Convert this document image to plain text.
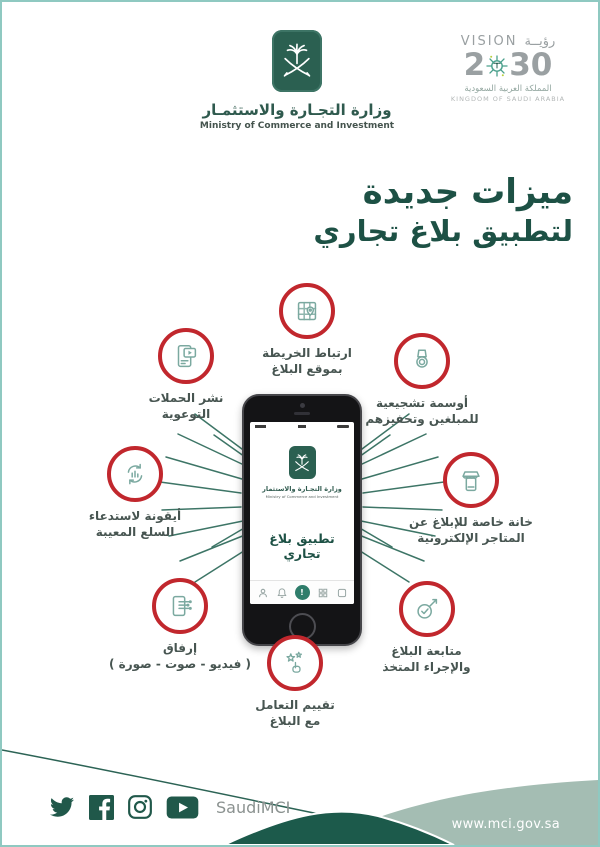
وزارة التجـارة والاستثمـار
Ministry of Commerce and Investment
VISION رؤيــة
2 30
المملكة العربية السعودية
KINGDOM OF SAUDI ARABIA
ميزات جديدة
لتطبيق بلاغ تجاري
وزارة التجـارة والاستثمار
Ministry of Commerce and Investment
تطبيق بلاغ تجاري
!
ارتباط الخريطة
بموقع البلاغ
أوسمة تشجيعية
للمبلغين وتحفيزهم
نشر الحملات
التوعوية
خانة خاصة للإبلاغ عن
المتاجر الإلكترونية
أيقونة لاستدعاء
السلع المعيبة
متابعة البلاغ
والإجراء المتخذ
إرفاق
( فيديو - صوت - صورة )
تقييم التعامل
مع البلاغ
SaudiMCI
www.mci.gov.sa
